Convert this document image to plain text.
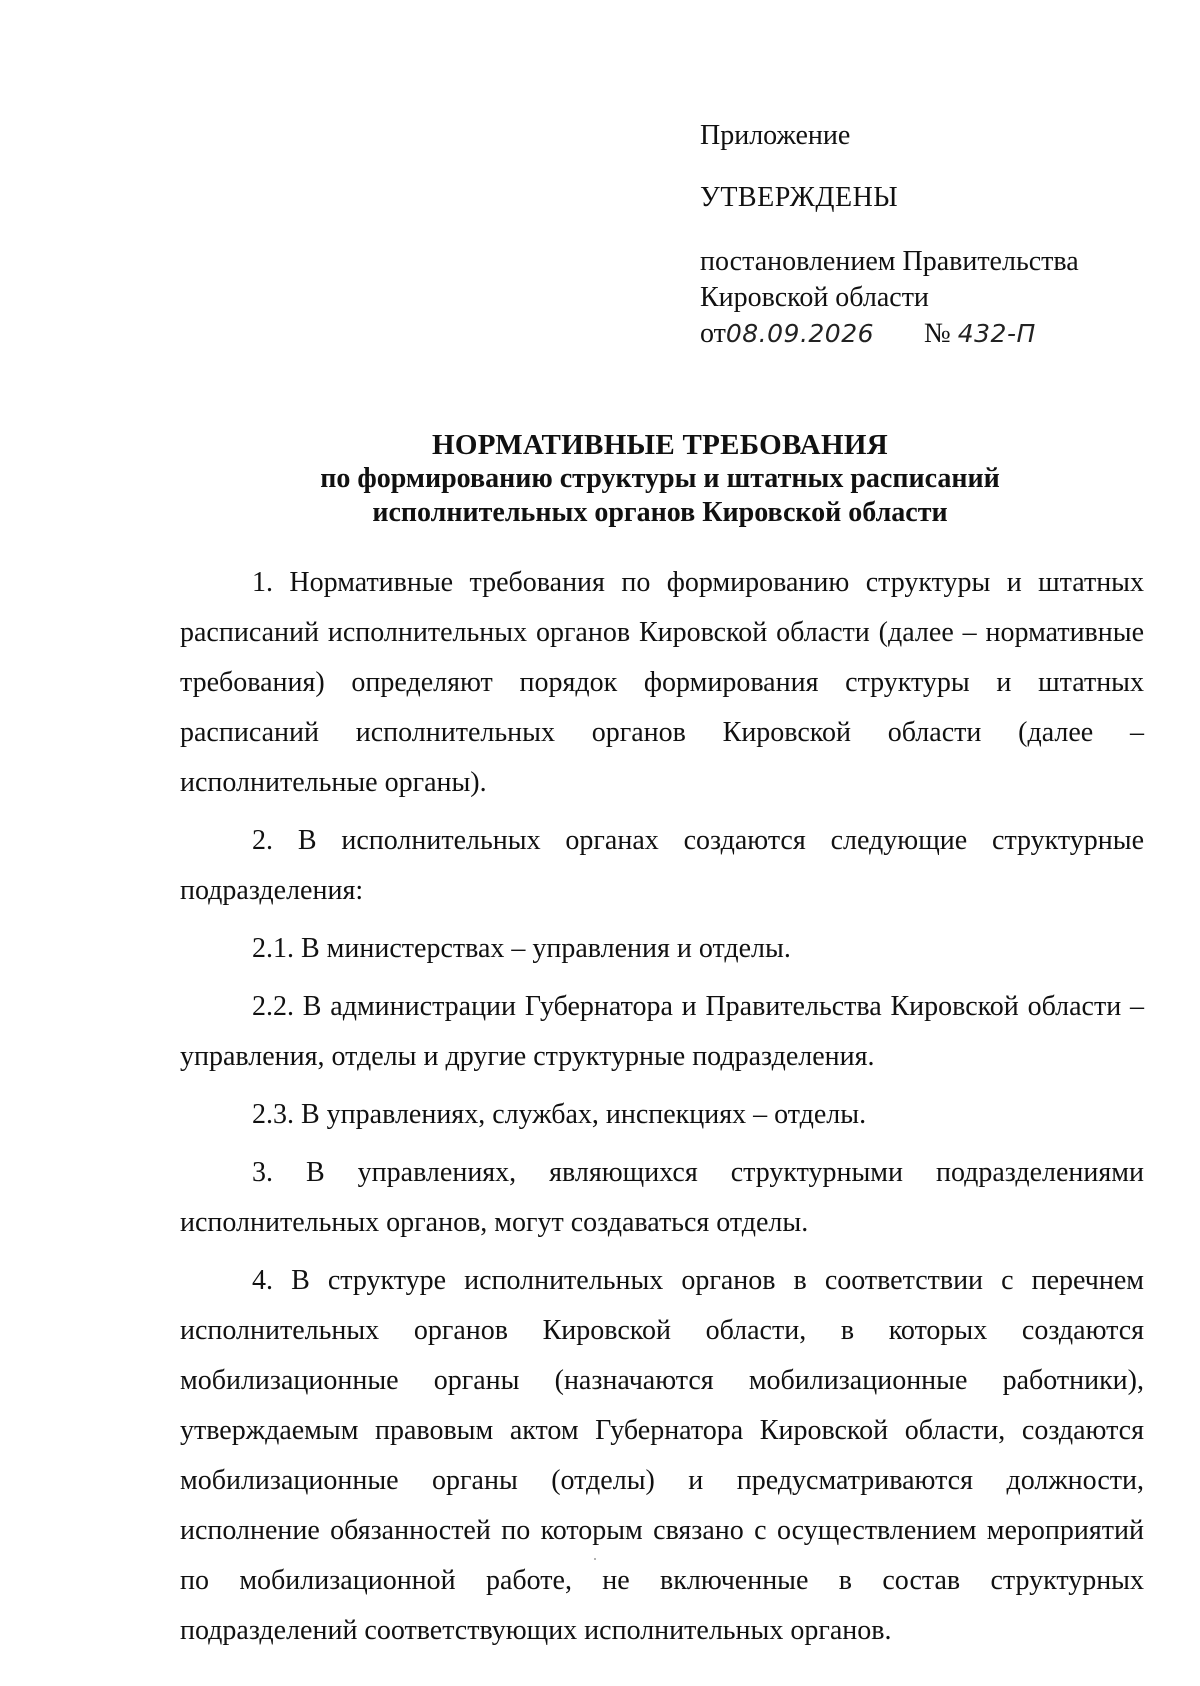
Приложение
УТВЕРЖДЕНЫ
постановлением Правительства
Кировской области
от08.09.2026 № 432-П
НОРМАТИВНЫЕ ТРЕБОВАНИЯ
по формированию структуры и штатных расписаний
исполнительных органов Кировской области

1. Нормативные требования по формированию структуры и штатных расписаний исполнительных органов Кировской области (далее – нормативные требования) определяют порядок формирования структуры и штатных расписаний исполнительных органов Кировской области (далее – исполнительные органы).

2. В исполнительных органах создаются следующие структурные подразделения:

2.1. В министерствах – управления и отделы.

2.2. В администрации Губернатора и Правительства Кировской области – управления, отделы и другие структурные подразделения.

2.3. В управлениях, службах, инспекциях – отделы.

3. В управлениях, являющихся структурными подразделениями исполнительных органов, могут создаваться отделы.

4. В структуре исполнительных органов в соответствии с перечнем исполнительных органов Кировской области, в которых создаются мобилизационные органы (назначаются мобилизационные работники), утверждаемым правовым актом Губернатора Кировской области, создаются мобилизационные органы (отделы) и предусматриваются должности, исполнение обязанностей по которым связано с осуществлением мероприятий по мобилизационной работе, не включенные в состав структурных подразделений соответствующих исполнительных органов.
